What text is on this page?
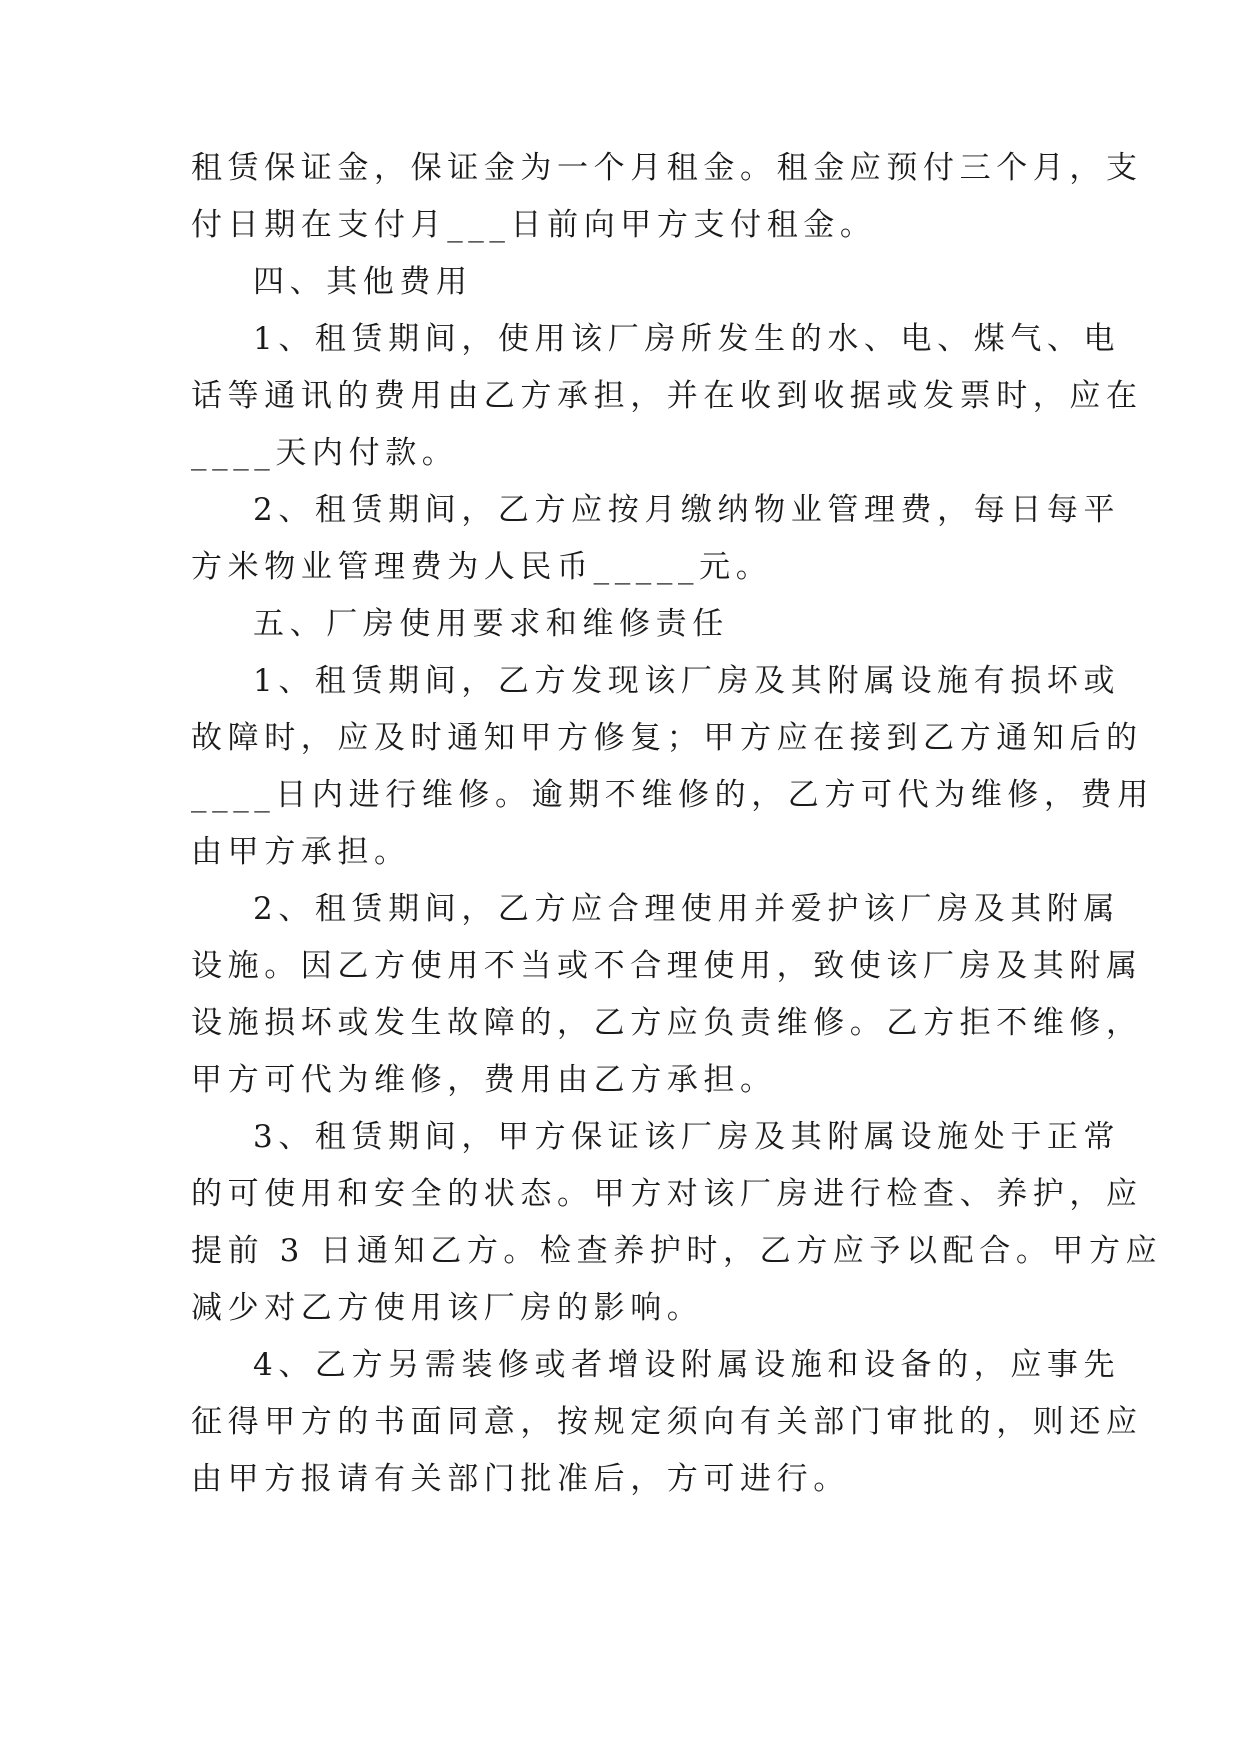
租赁保证金，保证金为一个月租金。租金应预付三个月，支
付日期在支付月___日前向甲方支付租金。
四、其他费用
1、租赁期间，使用该厂房所发生的水、电、煤气、电
话等通讯的费用由乙方承担，并在收到收据或发票时，应在
____天内付款。
2、租赁期间，乙方应按月缴纳物业管理费，每日每平
方米物业管理费为人民币_____元。
五、厂房使用要求和维修责任
1、租赁期间，乙方发现该厂房及其附属设施有损坏或
故障时，应及时通知甲方修复；甲方应在接到乙方通知后的
____日内进行维修。逾期不维修的，乙方可代为维修，费用
由甲方承担。
2、租赁期间，乙方应合理使用并爱护该厂房及其附属
设施。因乙方使用不当或不合理使用，致使该厂房及其附属
设施损坏或发生故障的，乙方应负责维修。乙方拒不维修，
甲方可代为维修，费用由乙方承担。
3、租赁期间，甲方保证该厂房及其附属设施处于正常
的可使用和安全的状态。甲方对该厂房进行检查、养护，应
提前 3 日通知乙方。检查养护时，乙方应予以配合。甲方应
减少对乙方使用该厂房的影响。
4、乙方另需装修或者增设附属设施和设备的，应事先
征得甲方的书面同意，按规定须向有关部门审批的，则还应
由甲方报请有关部门批准后，方可进行。
